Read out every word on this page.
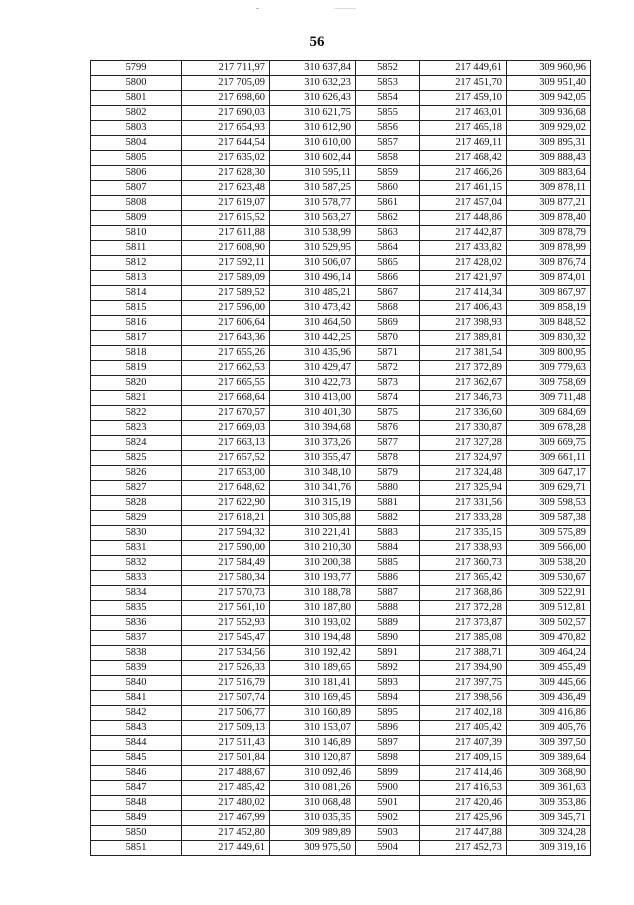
56
5799	217 711,97	310 637,84	5852	217 449,61	309 960,96
5800	217 705,09	310 632,23	5853	217 451,70	309 951,40
5801	217 698,60	310 626,43	5854	217 459,10	309 942,05
5802	217 690,03	310 621,75	5855	217 463,01	309 936,68
5803	217 654,93	310 612,90	5856	217 465,18	309 929,02
5804	217 644,54	310 610,00	5857	217 469,11	309 895,31
5805	217 635,02	310 602,44	5858	217 468,42	309 888,43
5806	217 628,30	310 595,11	5859	217 466,26	309 883,64
5807	217 623,48	310 587,25	5860	217 461,15	309 878,11
5808	217 619,07	310 578,77	5861	217 457,04	309 877,21
5809	217 615,52	310 563,27	5862	217 448,86	309 878,40
5810	217 611,88	310 538,99	5863	217 442,87	309 878,79
5811	217 608,90	310 529,95	5864	217 433,82	309 878,99
5812	217 592,11	310 506,07	5865	217 428,02	309 876,74
5813	217 589,09	310 496,14	5866	217 421,97	309 874,01
5814	217 589,52	310 485,21	5867	217 414,34	309 867,97
5815	217 596,00	310 473,42	5868	217 406,43	309 858,19
5816	217 606,64	310 464,50	5869	217 398,93	309 848,52
5817	217 643,36	310 442,25	5870	217 389,81	309 830,32
5818	217 655,26	310 435,96	5871	217 381,54	309 800,95
5819	217 662,53	310 429,47	5872	217 372,89	309 779,63
5820	217 665,55	310 422,73	5873	217 362,67	309 758,69
5821	217 668,64	310 413,00	5874	217 346,73	309 711,48
5822	217 670,57	310 401,30	5875	217 336,60	309 684,69
5823	217 669,03	310 394,68	5876	217 330,87	309 678,28
5824	217 663,13	310 373,26	5877	217 327,28	309 669,75
5825	217 657,52	310 355,47	5878	217 324,97	309 661,11
5826	217 653,00	310 348,10	5879	217 324,48	309 647,17
5827	217 648,62	310 341,76	5880	217 325,94	309 629,71
5828	217 622,90	310 315,19	5881	217 331,56	309 598,53
5829	217 618,21	310 305,88	5882	217 333,28	309 587,38
5830	217 594,32	310 221,41	5883	217 335,15	309 575,89
5831	217 590,00	310 210,30	5884	217 338,93	309 566,00
5832	217 584,49	310 200,38	5885	217 360,73	309 538,20
5833	217 580,34	310 193,77	5886	217 365,42	309 530,67
5834	217 570,73	310 188,78	5887	217 368,86	309 522,91
5835	217 561,10	310 187,80	5888	217 372,28	309 512,81
5836	217 552,93	310 193,02	5889	217 373,87	309 502,57
5837	217 545,47	310 194,48	5890	217 385,08	309 470,82
5838	217 534,56	310 192,42	5891	217 388,71	309 464,24
5839	217 526,33	310 189,65	5892	217 394,90	309 455,49
5840	217 516,79	310 181,41	5893	217 397,75	309 445,66
5841	217 507,74	310 169,45	5894	217 398,56	309 436,49
5842	217 506,77	310 160,89	5895	217 402,18	309 416,86
5843	217 509,13	310 153,07	5896	217 405,42	309 405,76
5844	217 511,43	310 146,89	5897	217 407,39	309 397,50
5845	217 501,84	310 120,87	5898	217 409,15	309 389,64
5846	217 488,67	310 092,46	5899	217 414,46	309 368,90
5847	217 485,42	310 081,26	5900	217 416,53	309 361,63
5848	217 480,02	310 068,48	5901	217 420,46	309 353,86
5849	217 467,99	310 035,35	5902	217 425,96	309 345,71
5850	217 452,80	309 989,89	5903	217 447,88	309 324,28
5851	217 449,61	309 975,50	5904	217 452,73	309 319,16
